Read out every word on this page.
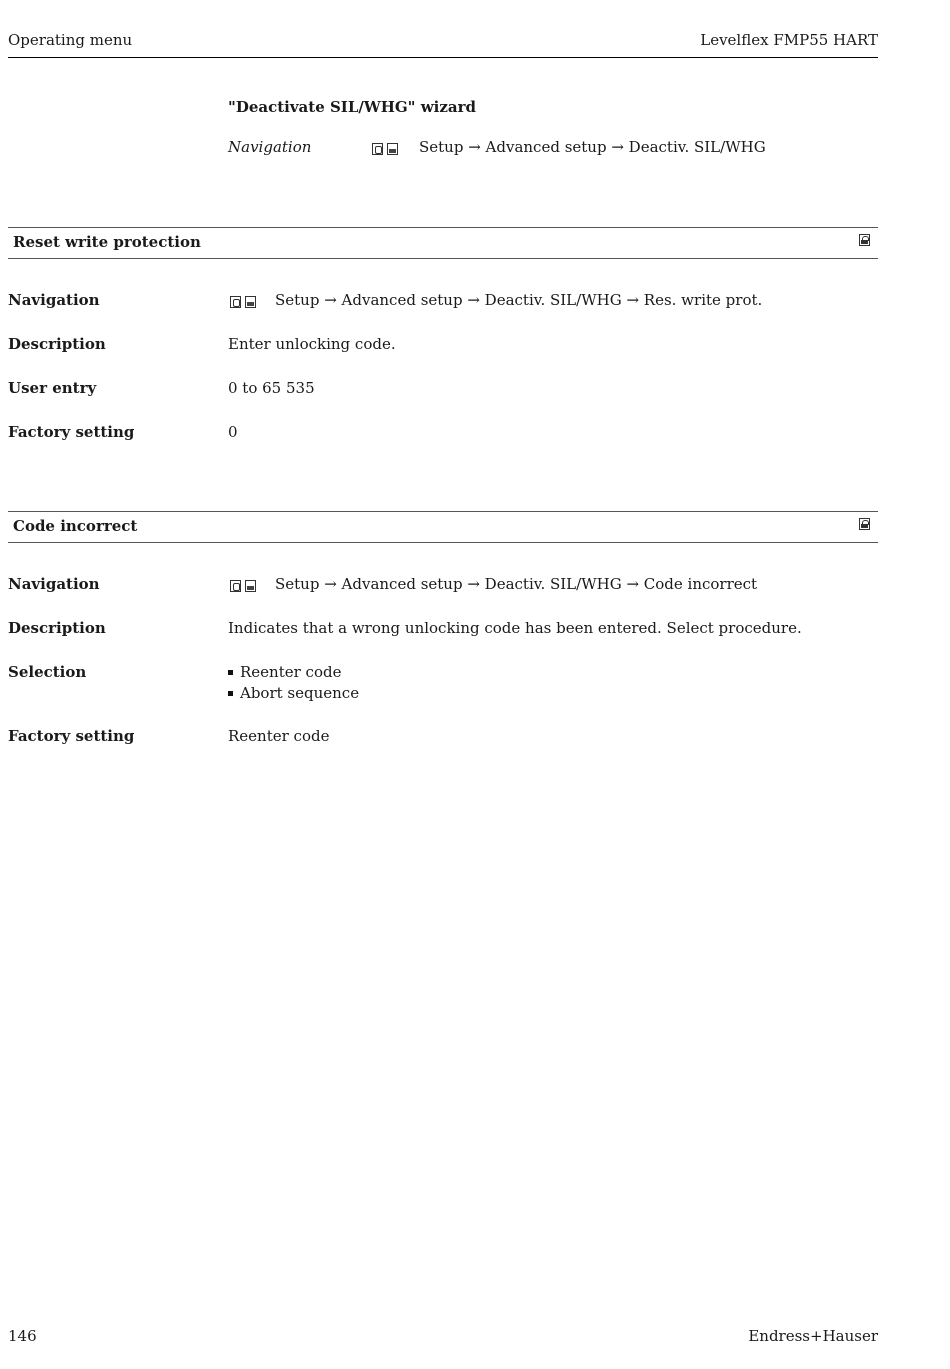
Operating menu	Levelflex FMP55 HART
"Deactivate SIL/WHG" wizard
Navigation	Setup → Advanced setup → Deactiv. SIL/WHG
Reset write protection
Navigation	Setup → Advanced setup → Deactiv. SIL/WHG → Res. write prot.
Description	Enter unlocking code.
User entry	0 to 65 535
Factory setting	0
Code incorrect
Navigation	Setup → Advanced setup → Deactiv. SIL/WHG → Code incorrect
Description	Indicates that a wrong unlocking code has been entered. Select procedure.
Selection	Reenter code
Abort sequence
Factory setting	Reenter code
146	Endress+Hauser
